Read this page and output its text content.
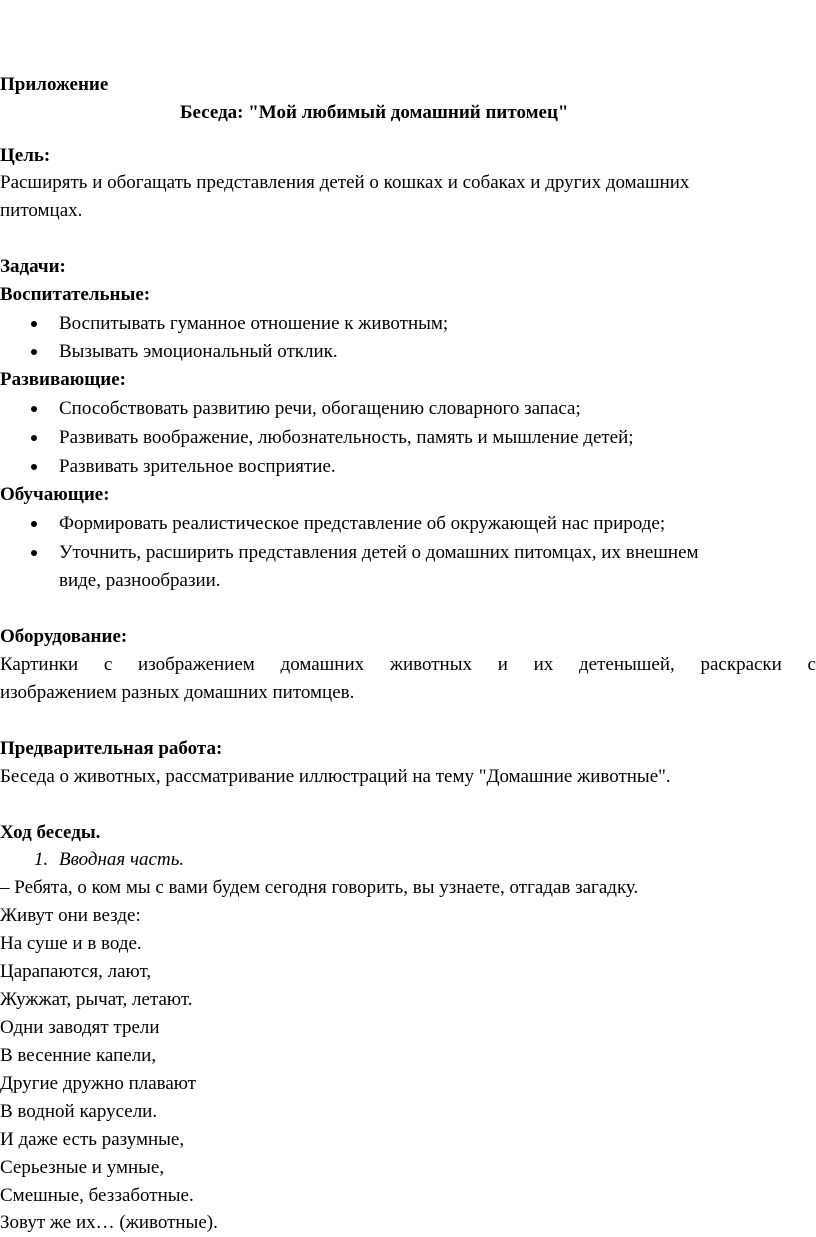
Приложение
Беседа: "Мой любимый домашний питомец"
Цель:
Расширять и обогащать представления детей о кошках и собаках и других домашних
питомцах.
Задачи:
Воспитательные:
Воспитывать гуманное отношение к животным;
Вызывать эмоциональный отклик.
Развивающие:
Способствовать развитию речи, обогащению словарного запаса;
Развивать воображение, любознательность, память и мышление детей;
Развивать зрительное восприятие.
Обучающие:
Формировать реалистическое представление об окружающей нас природе;
Уточнить, расширить представления детей о домашних питомцах, их внешнем
виде, разнообразии.
Оборудование:
Картинки с изображением домашних животных и их детенышей, раскраски с
изображением разных домашних питомцев.
Предварительная работа:
Беседа о животных, рассматривание иллюстраций на тему "Домашние животные".
Ход беседы.
1. Вводная часть.
– Ребята, о ком мы с вами будем сегодня говорить, вы узнаете, отгадав загадку.
Живут они везде:
На суше и в воде.
Царапаются, лают,
Жужжат, рычат, летают.
Одни заводят трели
В весенние капели,
Другие дружно плавают
В водной карусели.
И даже есть разумные,
Серьезные и умные,
Смешные, беззаботные.
Зовут же их… (животные).
